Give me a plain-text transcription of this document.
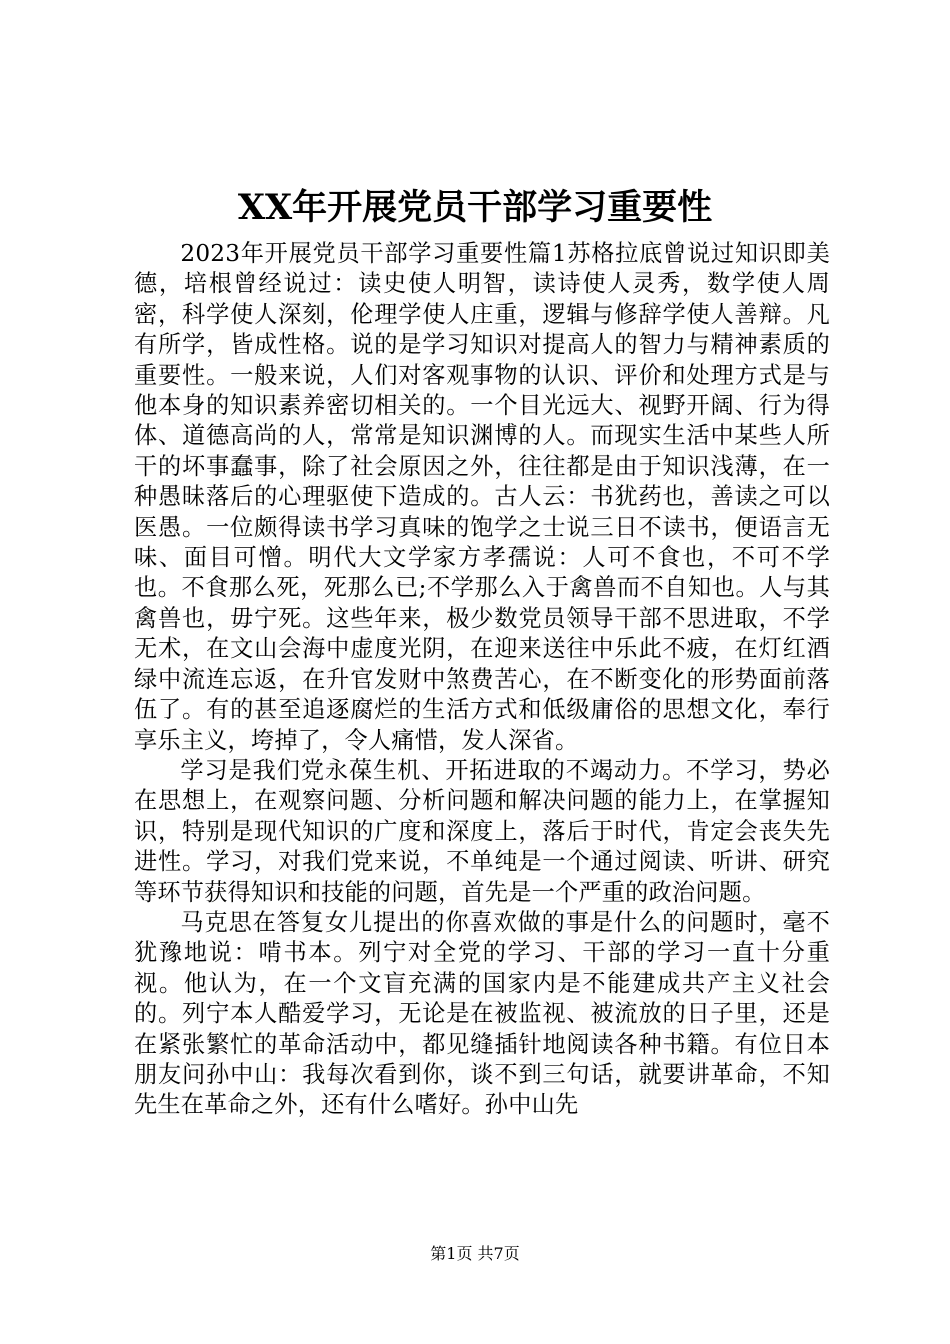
XX年开展党员干部学习重要性

2023年开展党员干部学习重要性篇1苏格拉底曾说过知识即美德，培根曾经说过：读史使人明智，读诗使人灵秀，数学使人周密，科学使人深刻，伦理学使人庄重，逻辑与修辞学使人善辩。凡有所学，皆成性格。说的是学习知识对提高人的智力与精神素质的重要性。一般来说，人们对客观事物的认识、评价和处理方式是与他本身的知识素养密切相关的。一个目光远大、视野开阔、行为得体、道德高尚的人，常常是知识渊博的人。而现实生活中某些人所干的坏事蠢事，除了社会原因之外，往往都是由于知识浅薄，在一种愚昧落后的心理驱使下造成的。古人云：书犹药也，善读之可以医愚。一位颇得读书学习真味的饱学之士说三日不读书，便语言无味、面目可憎。明代大文学家方孝孺说：人可不食也，不可不学也。不食那么死，死那么已;不学那么入于禽兽而不自知也。人与其禽兽也，毋宁死。这些年来，极少数党员领导干部不思进取，不学无术，在文山会海中虚度光阴，在迎来送往中乐此不疲，在灯红酒绿中流连忘返，在升官发财中煞费苦心，在不断变化的形势面前落伍了。有的甚至追逐腐烂的生活方式和低级庸俗的思想文化，奉行享乐主义，垮掉了，令人痛惜，发人深省。

学习是我们党永葆生机、开拓进取的不竭动力。不学习，势必在思想上，在观察问题、分析问题和解决问题的能力上，在掌握知识，特别是现代知识的广度和深度上，落后于时代，肯定会丧失先进性。学习，对我们党来说，不单纯是一个通过阅读、听讲、研究等环节获得知识和技能的问题，首先是一个严重的政治问题。

马克思在答复女儿提出的你喜欢做的事是什么的问题时，毫不犹豫地说：啃书本。列宁对全党的学习、干部的学习一直十分重视。他认为，在一个文盲充满的国家内是不能建成共产主义社会的。列宁本人酷爱学习，无论是在被监视、被流放的日子里，还是在紧张繁忙的革命活动中，都见缝插针地阅读各种书籍。有位日本朋友问孙中山：我每次看到你，谈不到三句话，就要讲革命，不知先生在革命之外，还有什么嗜好。孙中山先

第1页 共7页
